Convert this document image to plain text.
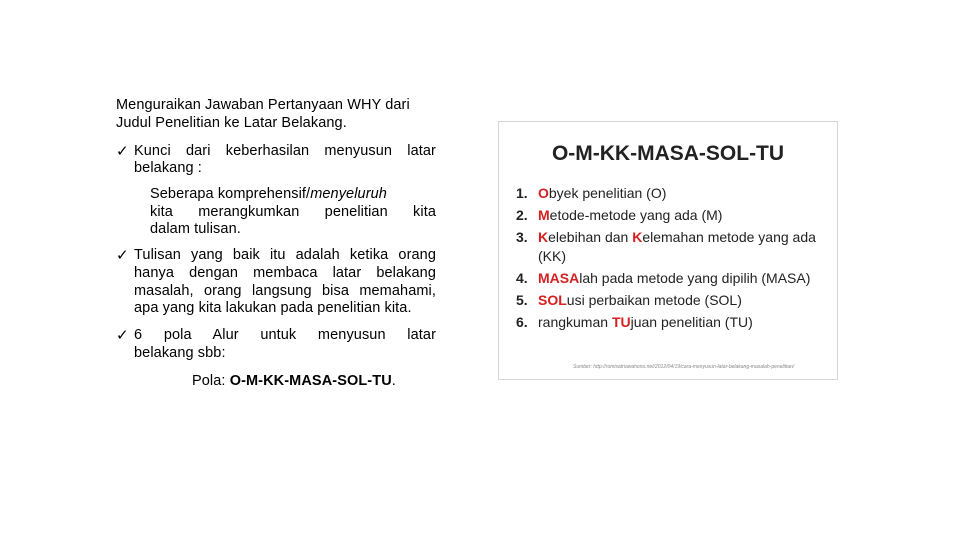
Menguraikan Jawaban Pertanyaan WHY dari
Judul Penelitian ke Latar Belakang.
✓ Kunci dari keberhasilan menyusun latar
belakang :
Seberapa komprehensif/menyeluruh
kita merangkumkan penelitian kita
dalam tulisan.
✓ Tulisan yang baik itu adalah ketika orang
hanya dengan membaca latar belakang
masalah, orang langsung bisa memahami,
apa yang kita lakukan pada penelitian kita.
✓ 6 pola Alur untuk menyusun latar
belakang sbb:
Pola: O-M-KK-MASA-SOL-TU.
O-M-KK-MASA-SOL-TU
1. Obyek penelitian (O)
2. Metode-metode yang ada (M)
3. Kelebihan dan Kelemahan metode yang ada
(KK)
4. MASAlah pada metode yang dipilih (MASA)
5. SOLusi perbaikan metode (SOL)
6. rangkuman TUjuan penelitian (TU)
Sumber: http://romisatriawahono.net/2012/04/19/cara-menyusun-latar-belakang-masalah-penelitian/
